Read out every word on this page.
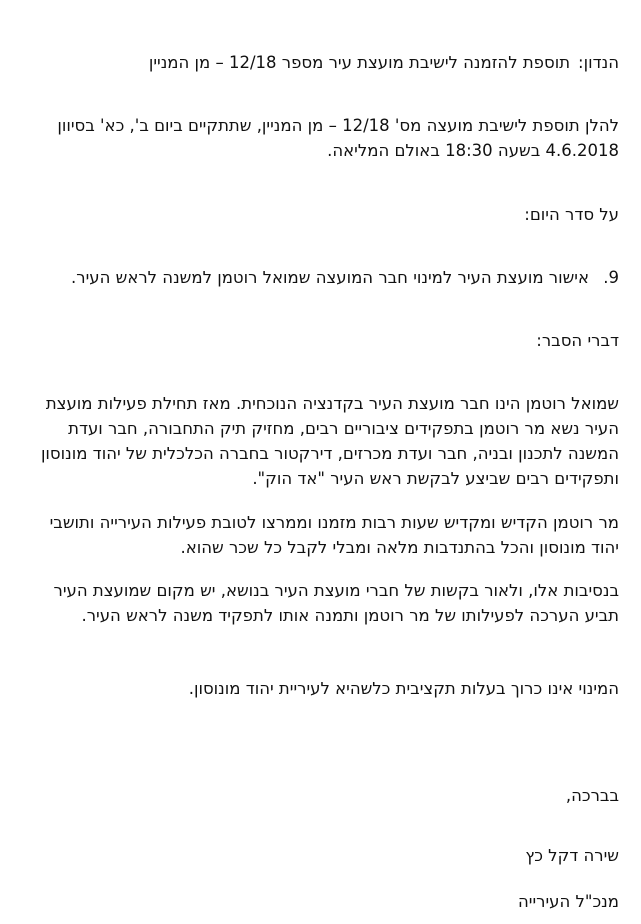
הנדון:תוספת להזמנה לישיבת מועצת עיר מספר 12/18 – מן המניין

להלן תוספת לישיבת מועצה מס' 12/18 – מן המניין, שתתקיים ביום ב', כא' בסיוון 4.6.2018 בשעה 18:30 באולם המליאה.

על סדר היום:

9.אישור מועצת העיר למינוי חבר המועצה שמואל רוטמן למשנה לראש העיר.

דברי הסבר:

שמואל רוטמן הינו חבר מועצת העיר בקדנציה הנוכחית. מאז תחילת פעילות מועצת העיר נשא מר רוטמן בתפקידים ציבוריים רבים, מחזיק תיק התחבורה, חבר ועדת המשנה לתכנון ובניה, חבר ועדת מכרזים, דירקטור בחברה הכלכלית של יהוד מונוסון ותפקידים רבים שביצע לבקשת ראש העיר "אד הוק".

מר רוטמן הקדיש ומקדיש שעות רבות מזמנו וממרצו לטובת פעילות העירייה ותושבי יהוד מונוסון והכל בהתנדבות מלאה ומבלי לקבל כל שכר שהוא.

בנסיבות אלו, ולאור בקשות של חברי מועצת העיר בנושא, יש מקום שמועצת העיר תביע הערכה לפעילותו של מר רוטמן ותמנה אותו לתפקיד משנה לראש העיר.

המינוי אינו כרוך בעלות תקציבית כלשהיא לעיריית יהוד מונוסון.

בברכה,

שירה דקל כץ

מנכ"ל העירייה
